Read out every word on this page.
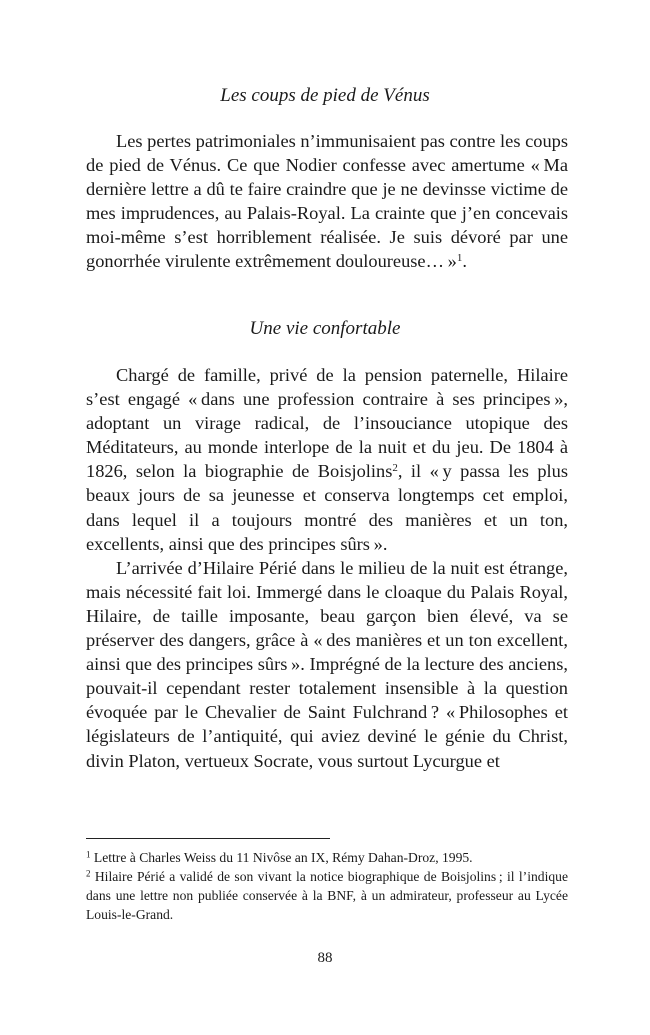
Les coups de pied de Vénus

Les pertes patrimoniales n’immunisaient pas contre les coups de pied de Vénus. Ce que Nodier confesse avec amertume « Ma dernière lettre a dû te faire craindre que je ne devinsse victime de mes imprudences, au Palais-Royal. La crainte que j’en concevais moi-même s’est horriblement réalisée. Je suis dévoré par une gonorrhée virulente extrêmement douloureuse… »$^1$.

Une vie confortable

Chargé de famille, privé de la pension paternelle, Hilaire s’est engagé « dans une profession contraire à ses principes », adoptant un virage radical, de l’insouciance utopique des Méditateurs, au monde interlope de la nuit et du jeu. De 1804 à 1826, selon la biographie de Boisjolins$^2$, il « y passa les plus beaux jours de sa jeunesse et conserva longtemps cet emploi, dans lequel il a toujours montré des manières et un ton, excellents, ainsi que des principes sûrs ».

L’arrivée d’Hilaire Périé dans le milieu de la nuit est étrange, mais nécessité fait loi. Immergé dans le cloaque du Palais Royal, Hilaire, de taille imposante, beau garçon bien élevé, va se préserver des dangers, grâce à « des manières et un ton excellent, ainsi que des principes sûrs ». Imprégné de la lecture des anciens, pouvait-il cependant rester totalement insensible à la question évoquée par le Chevalier de Saint Fulchrand ? « Philosophes et législateurs de l’antiquité, qui aviez deviné le génie du Christ, divin Platon, vertueux Socrate, vous surtout Lycurgue et

$^1$ Lettre à Charles Weiss du 11 Nivôse an IX, Rémy Dahan-Droz, 1995.

$^2$ Hilaire Périé a validé de son vivant la notice biographique de Boisjolins ; il l’indique dans une lettre non publiée conservée à la BNF, à un admirateur, professeur au Lycée Louis-le-Grand.

88
